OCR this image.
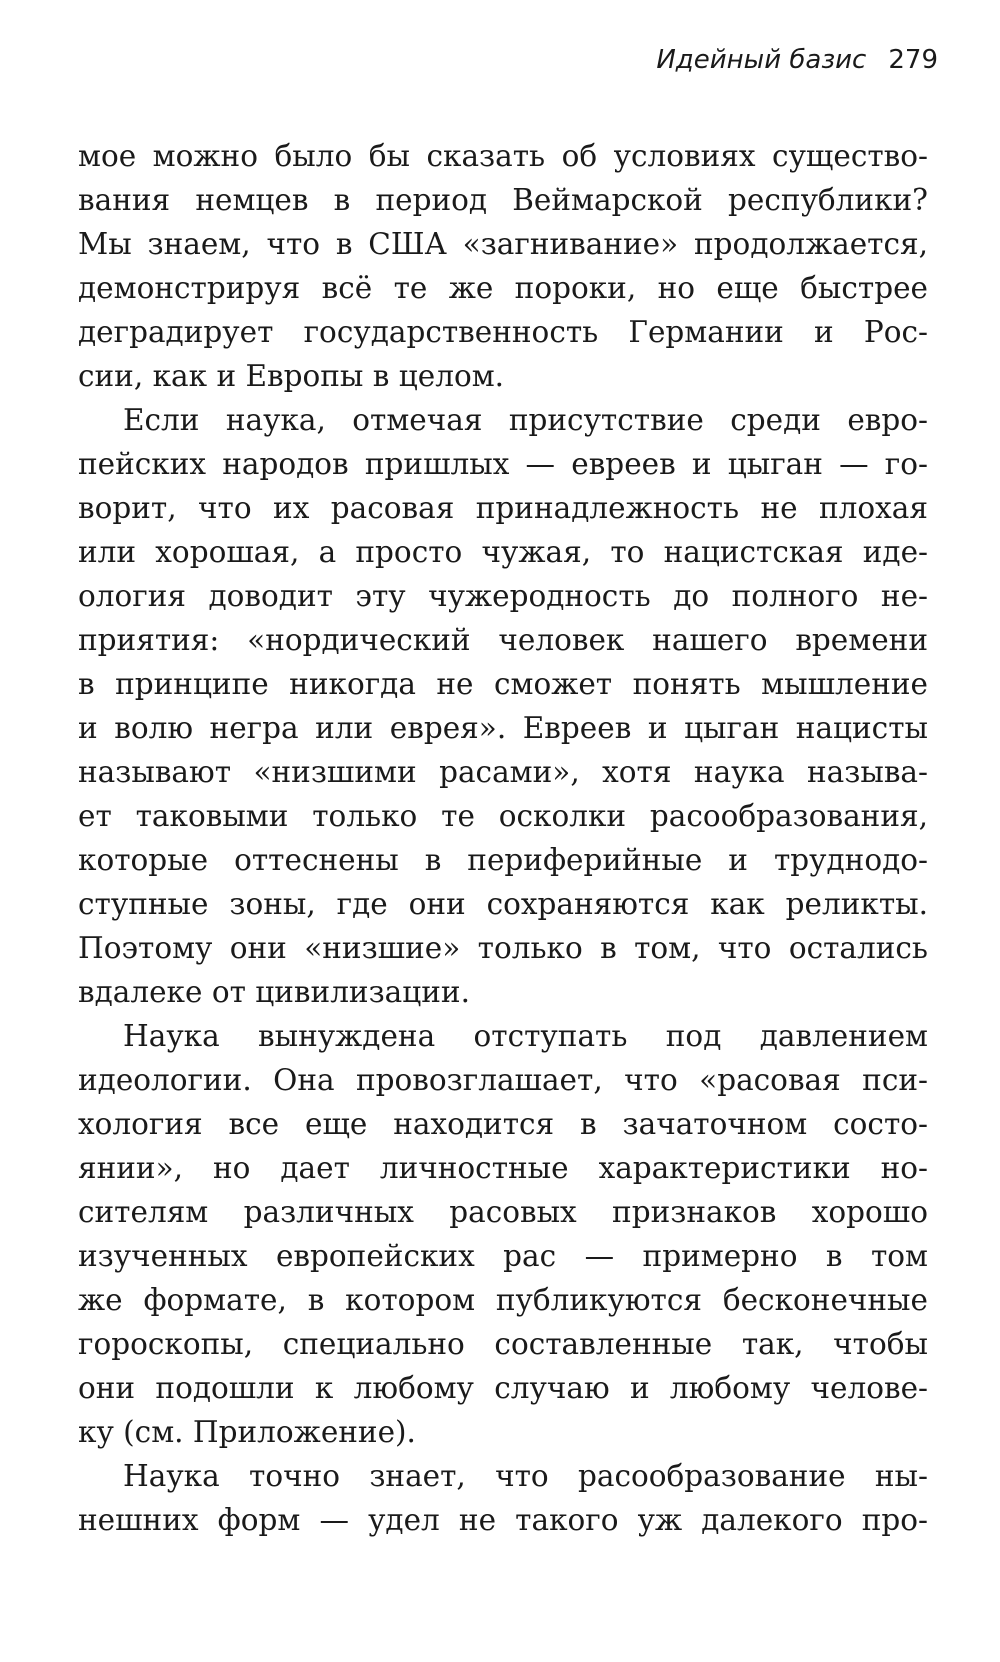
Идейный базис 279
мое можно было бы сказать об условиях существо-
вания немцев в период Веймарской республики?
Мы знаем, что в США «загнивание» продолжается,
демонстрируя всё те же пороки, но еще быстрее
деградирует государственность Германии и Рос-
сии, как и Европы в целом.
Если наука, отмечая присутствие среди евро-
пейских народов пришлых — евреев и цыган — го-
ворит, что их расовая принадлежность не плохая
или хорошая, а просто чужая, то нацистская иде-
ология доводит эту чужеродность до полного не-
приятия: «нордический человек нашего времени
в принципе никогда не сможет понять мышление
и волю негра или еврея». Евреев и цыган нацисты
называют «низшими расами», хотя наука называ-
ет таковыми только те осколки расообразования,
которые оттеснены в периферийные и труднодо-
ступные зоны, где они сохраняются как реликты.
Поэтому они «низшие» только в том, что остались
вдалеке от цивилизации.
Наука вынуждена отступать под давлением
идеологии. Она провозглашает, что «расовая пси-
хология все еще находится в зачаточном состо-
янии», но дает личностные характеристики но-
сителям различных расовых признаков хорошо
изученных европейских рас — примерно в том
же формате, в котором публикуются бесконечные
гороскопы, специально составленные так, чтобы
они подошли к любому случаю и любому челове-
ку (см. Приложение).
Наука точно знает, что расообразование ны-
нешних форм — удел не такого уж далекого про-
